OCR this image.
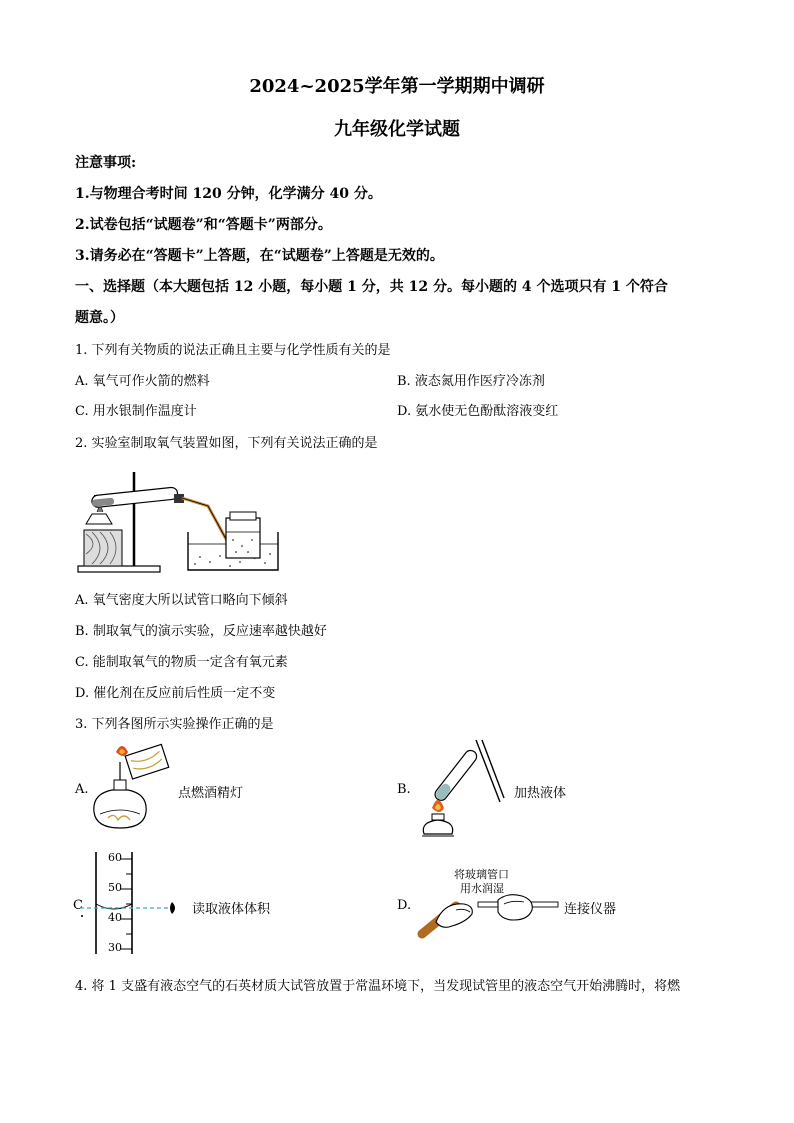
2024~2025学年第一学期期中调研
九年级化学试题
注意事项:
1.与物理合考时间 120 分钟，化学满分 40 分。
2.试卷包括“试题卷”和“答题卡”两部分。
3.请务必在“答题卡”上答题，在“试题卷”上答题是无效的。
一、选择题（本大题包括 12 小题，每小题 1 分，共 12 分。每小题的 4 个选项只有 1 个符合
题意。）
1. 下列有关物质的说法正确且主要与化学性质有关的是
A. 氧气可作火箭的燃料	B. 液态氮用作医疗冷冻剂
C. 用水银制作温度计	D. 氨水使无色酚酞溶液变红
2. 实验室制取氧气装置如图，下列有关说法正确的是
A. 氧气密度大所以试管口略向下倾斜
B. 制取氧气的演示实验，反应速率越快越好
C. 能制取氧气的物质一定含有氧元素
D. 催化剂在反应前后性质一定不变
3. 下列各图所示实验操作正确的是
A.	点燃酒精灯	B.	加热液体
C
60
50
40
30
读取液体体积	D.
将玻璃管口
用水润湿
连接仪器
4. 将 1 支盛有液态空气的石英材质大试管放置于常温环境下，当发现试管里的液态空气开始沸腾时，将燃
